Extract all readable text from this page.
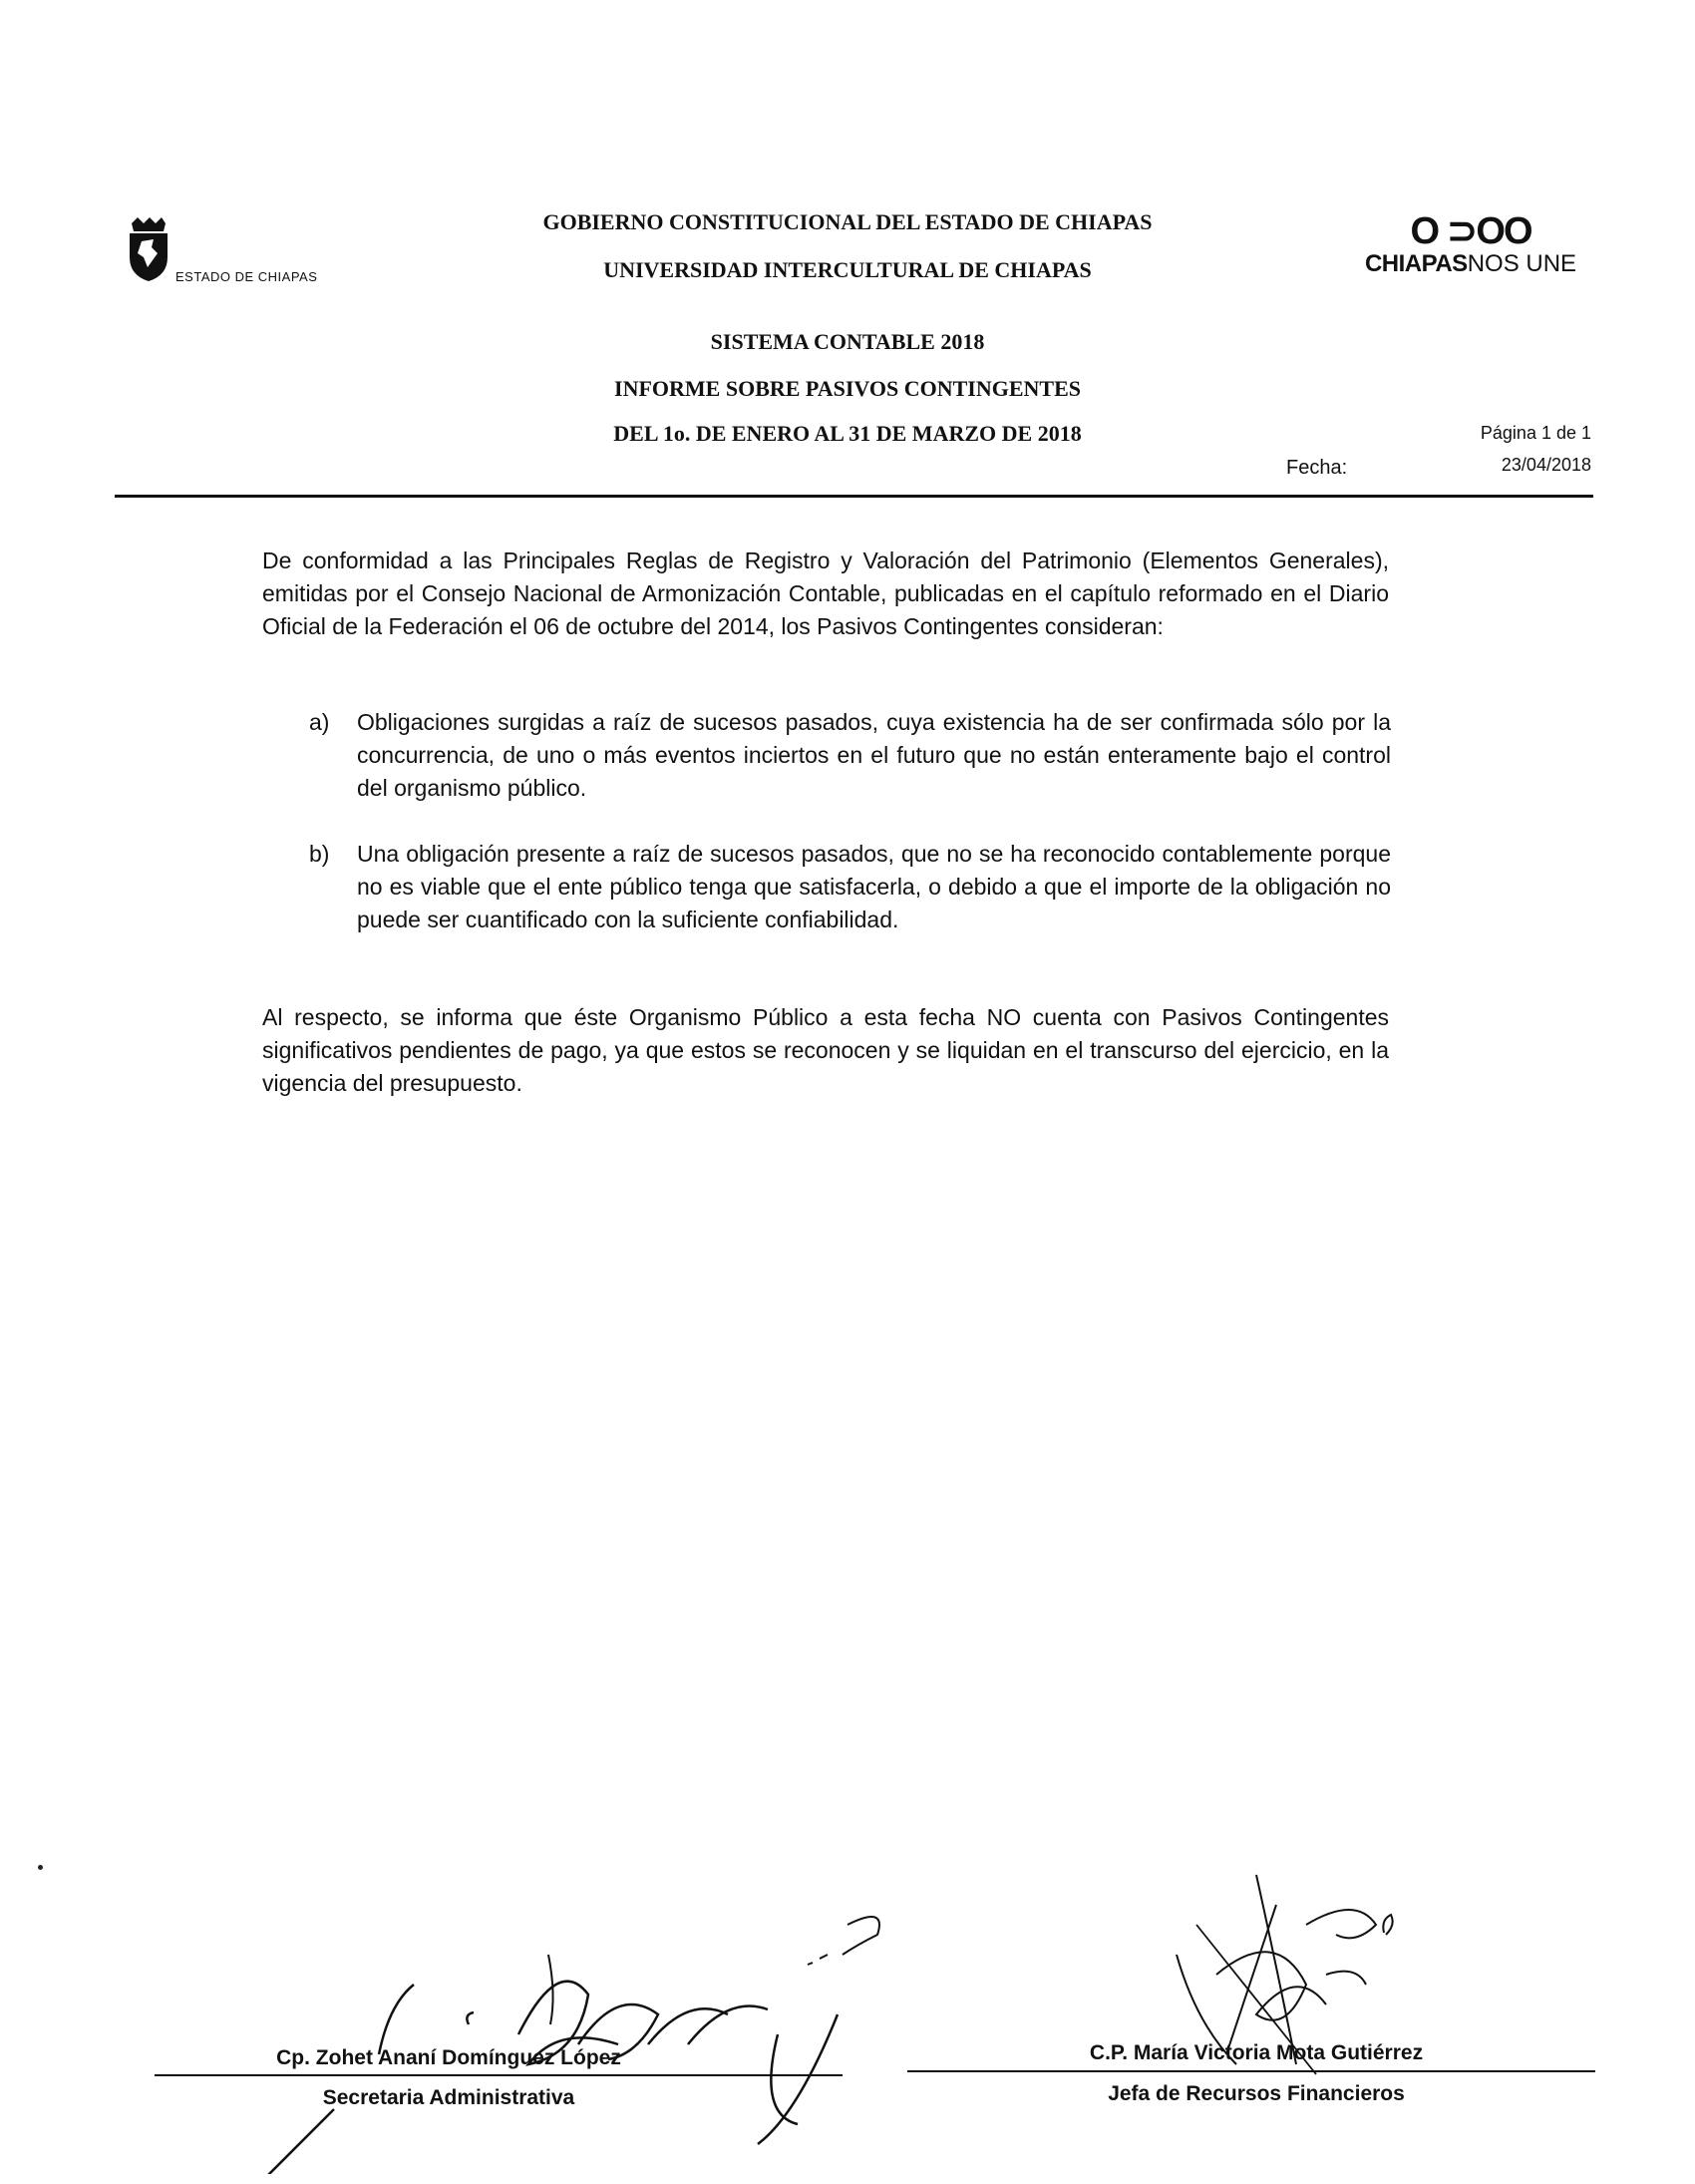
ESTADO DE CHIAPAS
GOBIERNO CONSTITUCIONAL DEL ESTADO DE CHIAPAS
UNIVERSIDAD INTERCULTURAL DE CHIAPAS
SISTEMA CONTABLE 2018
INFORME SOBRE PASIVOS CONTINGENTES
DEL 1o. DE ENERO AL 31 DE MARZO DE 2018
O ⊃OO
CHIAPASNOS UNE
Página 1 de 1
Fecha:	23/04/2018
De conformidad a las Principales Reglas de Registro y Valoración del Patrimonio (Elementos Generales), emitidas por el Consejo Nacional de Armonización Contable, publicadas en el capítulo reformado en el Diario Oficial de la Federación el 06 de octubre del 2014, los Pasivos Contingentes consideran:
a)	Obligaciones surgidas a raíz de sucesos pasados, cuya existencia ha de ser confirmada sólo por la concurrencia, de uno o más eventos inciertos en el futuro que no están enteramente bajo el control del organismo público.
b)	Una obligación presente a raíz de sucesos pasados, que no se ha reconocido contablemente porque no es viable que el ente público tenga que satisfacerla, o debido a que el importe de la obligación no puede ser cuantificado con la suficiente confiabilidad.
Al respecto, se informa que éste Organismo Público a esta fecha NO cuenta con Pasivos Contingentes significativos pendientes de pago, ya que estos se reconocen y se liquidan en el transcurso del ejercicio, en la vigencia del presupuesto.
Cp. Zohet Ananí Domínguez López
Secretaria Administrativa
C.P. María Victoria Mota Gutiérrez
Jefa de Recursos Financieros
